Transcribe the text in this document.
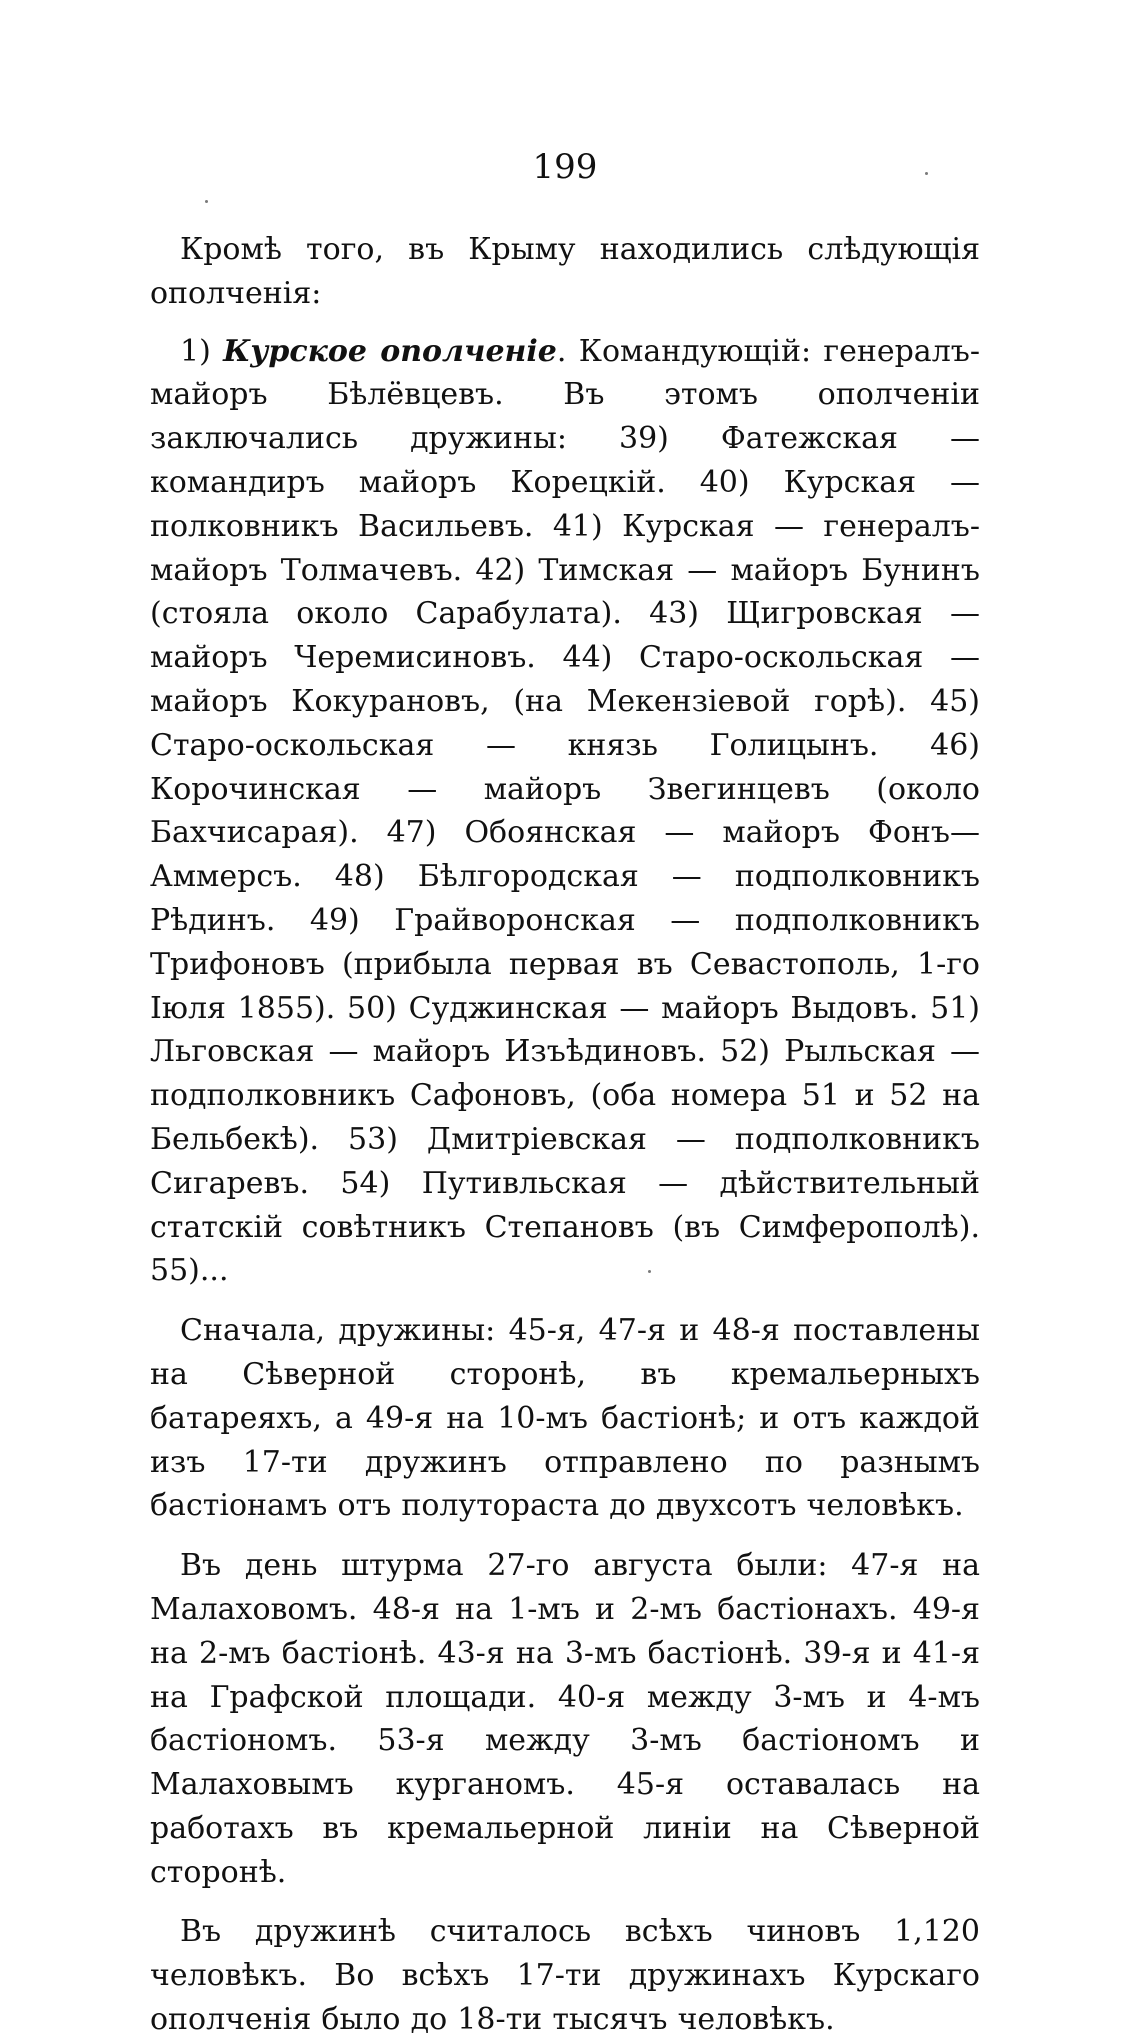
199

Кромѣ того, въ Крыму находились слѣдующія ополченія:

1) Курское ополченіе. Командующій: генералъ-майоръ Бѣлёвцевъ. Въ этомъ ополченіи заключались дружины: 39) Фатежская — командиръ майоръ Корецкій. 40) Курская — полковникъ Васильевъ. 41) Курская — генералъ-майоръ Толмачевъ. 42) Тимская — майоръ Бунинъ (стояла около Сарабулата). 43) Щигровская — майоръ Черемисиновъ. 44) Старо-оскольская — майоръ Кокурановъ, (на Мекензіевой горѣ). 45) Старо-оскольская — князь Голицынъ. 46) Корочинская — майоръ Звегинцевъ (около Бахчисарая). 47) Обоянская — майоръ Фонъ—Аммерсъ. 48) Бѣлгородская — подполковникъ Рѣдинъ. 49) Грайворонская — подполковникъ Трифоновъ (прибыла первая въ Севастополь, 1-го Іюля 1855). 50) Суджинская — майоръ Выдовъ. 51) Льговская — майоръ Изъѣдиновъ. 52) Рыльская — подполковникъ Сафоновъ, (оба номера 51 и 52 на Бельбекѣ). 53) Дмитріевская — подполковникъ Сигаревъ. 54) Путивльская — дѣйствительный статскій совѣтникъ Степановъ (въ Симферополѣ). 55)...

Сначала, дружины: 45-я, 47-я и 48-я поставлены на Сѣверной сторонѣ, въ кремальерныхъ батареяхъ, а 49-я на 10-мъ бастіонѣ; и отъ каждой изъ 17-ти дружинъ отправлено по разнымъ бастіонамъ отъ полутораста до двухсотъ человѣкъ.

Въ день штурма 27-го августа были: 47-я на Малаховомъ. 48-я на 1-мъ и 2-мъ бастіонахъ. 49-я на 2-мъ бастіонѣ. 43-я на 3-мъ бастіонѣ. 39-я и 41-я на Графской площади. 40-я между 3-мъ и 4-мъ бастіономъ. 53-я между 3-мъ бастіономъ и Малаховымъ курганомъ. 45-я оставалась на работахъ въ кремальерной линіи на Сѣверной сторонѣ.

Въ дружинѣ считалось всѣхъ чиновъ 1,120 человѣкъ. Во всѣхъ 17-ти дружинахъ Курскаго ополченія было до 18-ти тысячъ человѣкъ.
